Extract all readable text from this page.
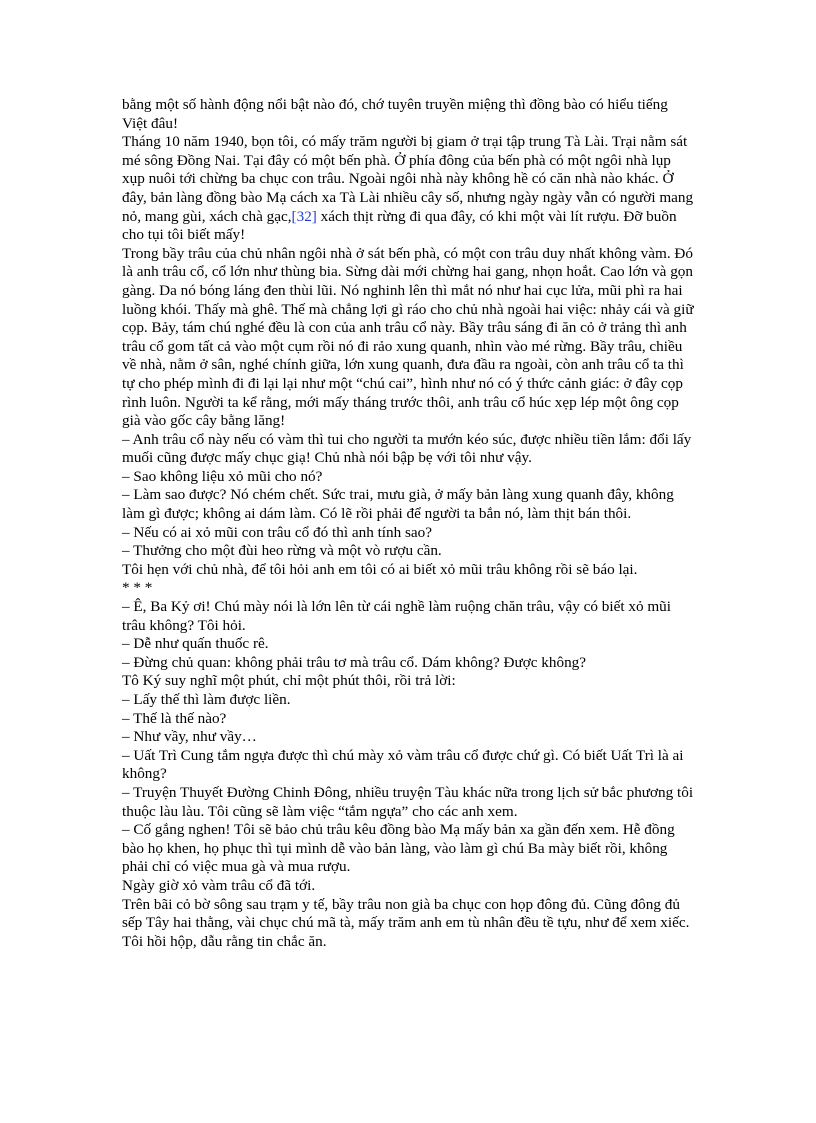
bằng một số hành động nổi bật nào đó, chớ tuyên truyền miệng thì đồng bào có hiểu tiếng Việt đâu!

Tháng 10 năm 1940, bọn tôi, có mấy trăm người bị giam ở trại tập trung Tà Lài. Trại nằm sát mé sông Đồng Nai. Tại đây có một bến phà. Ở phía đông của bến phà có một ngôi nhà lụp xụp nuôi tới chừng ba chục con trâu. Ngoài ngôi nhà này không hề có căn nhà nào khác. Ở đây, bản làng đồng bào Mạ cách xa Tà Lài nhiều cây số, nhưng ngày ngày vẫn có người mang nỏ, mang gùi, xách chà gạc,[32] xách thịt rừng đi qua đây, có khi một vài lít rượu. Đỡ buồn cho tụi tôi biết mấy!

Trong bầy trâu của chủ nhân ngôi nhà ở sát bến phà, có một con trâu duy nhất không vàm. Đó là anh trâu cổ, cổ lớn như thùng bia. Sừng dài mới chừng hai gang, nhọn hoắt. Cao lớn và gọn gàng. Da nó bóng láng đen thùi lũi. Nó nghinh lên thì mắt nó như hai cục lửa, mũi phì ra hai luồng khói. Thấy mà ghê. Thế mà chẳng lợi gì ráo cho chủ nhà ngoài hai việc: nhảy cái và giữ cọp. Bảy, tám chú nghé đều là con của anh trâu cổ này. Bầy trâu sáng đi ăn cỏ ở trảng thì anh trâu cổ gom tất cả vào một cụm rồi nó đi rảo xung quanh, nhìn vào mé rừng. Bầy trâu, chiều về nhà, nằm ở sân, nghé chính giữa, lớn xung quanh, đưa đầu ra ngoài, còn anh trâu cổ ta thì tự cho phép mình đi đi lại lại như một “chú cai”, hình như nó có ý thức cảnh giác: ở đây cọp rình luôn. Người ta kể rằng, mới mấy tháng trước thôi, anh trâu cổ húc xẹp lép một ông cọp già vào gốc cây bằng lăng!

– Anh trâu cổ này nếu có vàm thì tui cho người ta mướn kéo súc, được nhiều tiền lắm: đổi lấy muối cũng được mấy chục giạ! Chủ nhà nói bập bẹ với tôi như vậy.

– Sao không liệu xỏ mũi cho nó?

– Làm sao được? Nó chém chết. Sức trai, mưu già, ở mấy bản làng xung quanh đây, không làm gì được; không ai dám làm. Có lẽ rồi phải để người ta bắn nó, làm thịt bán thôi.

– Nếu có ai xỏ mũi con trâu cổ đó thì anh tính sao?

– Thưởng cho một đùi heo rừng và một vò rượu cần.

Tôi hẹn với chủ nhà, để tôi hỏi anh em tôi có ai biết xỏ mũi trâu không rồi sẽ báo lại.

* * *

– Ê, Ba Kỷ ơi! Chú mày nói là lớn lên từ cái nghề làm ruộng chăn trâu, vậy có biết xỏ mũi trâu không? Tôi hỏi.

– Dễ như quấn thuốc rê.

– Đừng chủ quan: không phải trâu tơ mà trâu cổ. Dám không? Được không?

Tô Ký suy nghĩ một phút, chỉ một phút thôi, rồi trả lời:

– Lấy thế thì làm được liền.

– Thế là thế nào?

– Như vầy, như vầy…

– Uất Trì Cung tắm ngựa được thì chú mày xỏ vàm trâu cổ được chứ gì. Có biết Uất Trì là ai không?

– Truyện Thuyết Đường Chinh Đông, nhiều truyện Tàu khác nữa trong lịch sử bắc phương tôi thuộc làu làu. Tôi cũng sẽ làm việc “tắm ngựa” cho các anh xem.

– Cố gắng nghen! Tôi sẽ bảo chủ trâu kêu đồng bào Mạ mấy bản xa gần đến xem. Hễ đồng bào họ khen, họ phục thì tụi mình dễ vào bản làng, vào làm gì chú Ba mày biết rồi, không phải chỉ có việc mua gà và mua rượu.

Ngày giờ xỏ vàm trâu cổ đã tới.

Trên bãi cỏ bờ sông sau trạm y tế, bầy trâu non già ba chục con họp đông đủ. Cũng đông đủ sếp Tây hai thằng, vài chục chú mã tà, mấy trăm anh em tù nhân đều tề tựu, như để xem xiếc.

Tôi hồi hộp, dẫu rằng tin chắc ăn.
